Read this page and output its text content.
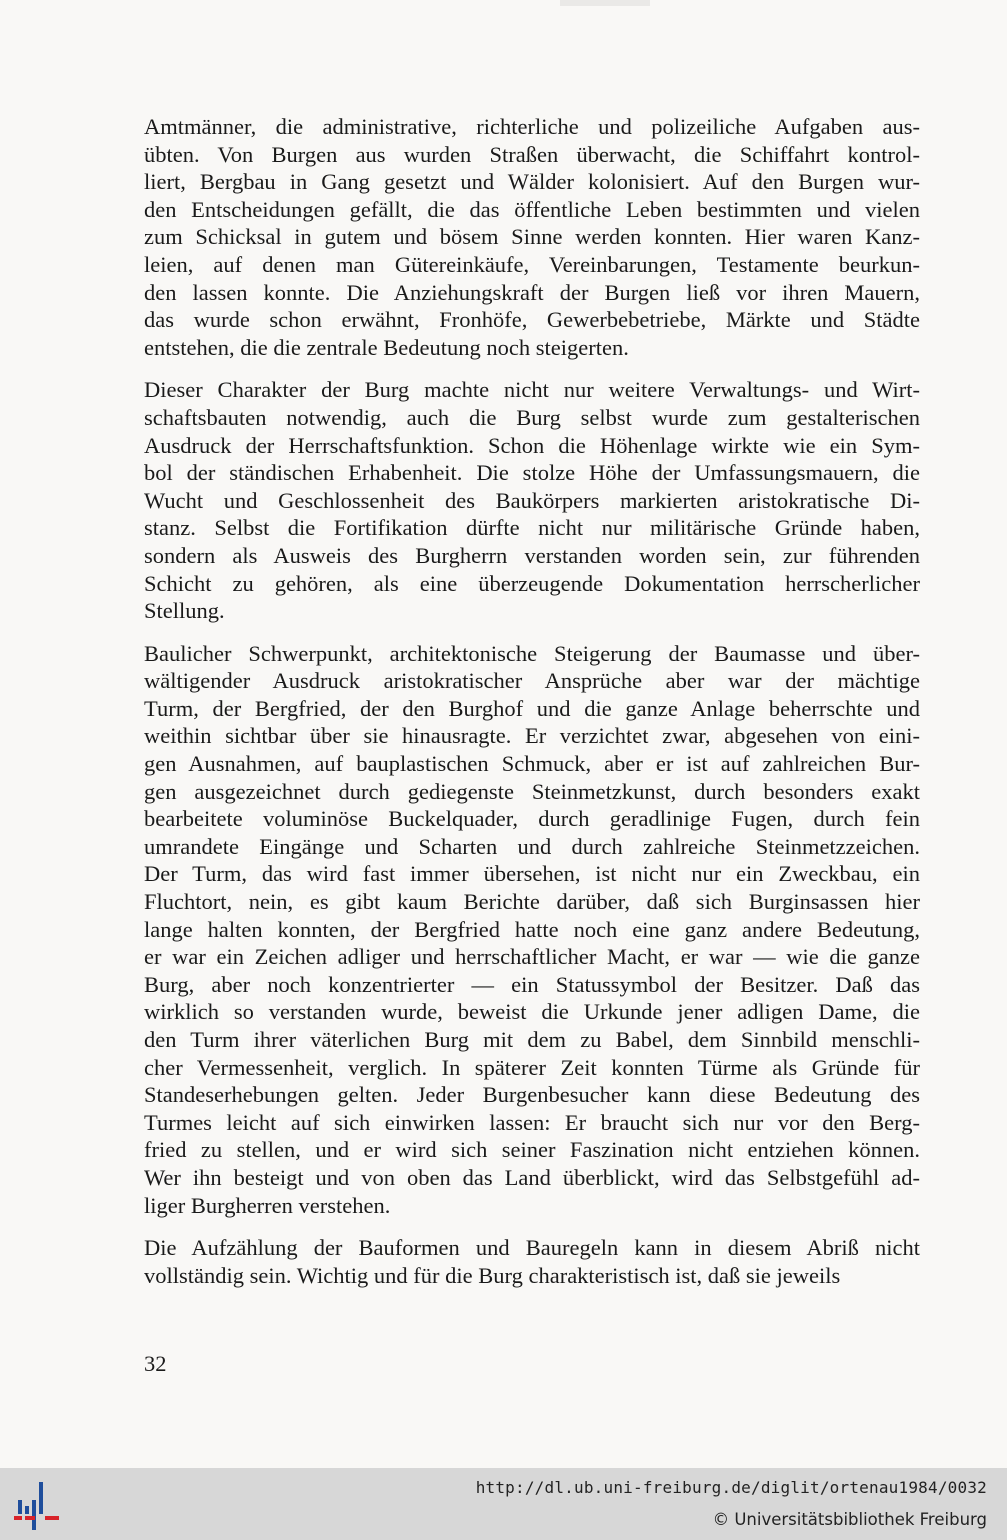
Amtmänner, die administrative, richterliche und polizeiliche Aufgaben aus-
übten. Von Burgen aus wurden Straßen überwacht, die Schiffahrt kontrol-
liert, Bergbau in Gang gesetzt und Wälder kolonisiert. Auf den Burgen wur-
den Entscheidungen gefällt, die das öffentliche Leben bestimmten und vielen
zum Schicksal in gutem und bösem Sinne werden konnten. Hier waren Kanz-
leien, auf denen man Gütereinkäufe, Vereinbarungen, Testamente beurkun-
den lassen konnte. Die Anziehungskraft der Burgen ließ vor ihren Mauern,
das wurde schon erwähnt, Fronhöfe, Gewerbebetriebe, Märkte und Städte
entstehen, die die zentrale Bedeutung noch steigerten.
Dieser Charakter der Burg machte nicht nur weitere Verwaltungs- und Wirt-
schaftsbauten notwendig, auch die Burg selbst wurde zum gestalterischen
Ausdruck der Herrschaftsfunktion. Schon die Höhenlage wirkte wie ein Sym-
bol der ständischen Erhabenheit. Die stolze Höhe der Umfassungsmauern, die
Wucht und Geschlossenheit des Baukörpers markierten aristokratische Di-
stanz. Selbst die Fortifikation dürfte nicht nur militärische Gründe haben,
sondern als Ausweis des Burgherrn verstanden worden sein, zur führenden
Schicht zu gehören, als eine überzeugende Dokumentation herrscherlicher
Stellung.
Baulicher Schwerpunkt, architektonische Steigerung der Baumasse und über-
wältigender Ausdruck aristokratischer Ansprüche aber war der mächtige
Turm, der Bergfried, der den Burghof und die ganze Anlage beherrschte und
weithin sichtbar über sie hinausragte. Er verzichtet zwar, abgesehen von eini-
gen Ausnahmen, auf bauplastischen Schmuck, aber er ist auf zahlreichen Bur-
gen ausgezeichnet durch gediegenste Steinmetzkunst, durch besonders exakt
bearbeitete voluminöse Buckelquader, durch geradlinige Fugen, durch fein
umrandete Eingänge und Scharten und durch zahlreiche Steinmetzzeichen.
Der Turm, das wird fast immer übersehen, ist nicht nur ein Zweckbau, ein
Fluchtort, nein, es gibt kaum Berichte darüber, daß sich Burginsassen hier
lange halten konnten, der Bergfried hatte noch eine ganz andere Bedeutung,
er war ein Zeichen adliger und herrschaftlicher Macht, er war — wie die ganze
Burg, aber noch konzentrierter — ein Statussymbol der Besitzer. Daß das
wirklich so verstanden wurde, beweist die Urkunde jener adligen Dame, die
den Turm ihrer väterlichen Burg mit dem zu Babel, dem Sinnbild menschli-
cher Vermessenheit, verglich. In späterer Zeit konnten Türme als Gründe für
Standeserhebungen gelten. Jeder Burgenbesucher kann diese Bedeutung des
Turmes leicht auf sich einwirken lassen: Er braucht sich nur vor den Berg-
fried zu stellen, und er wird sich seiner Faszination nicht entziehen können.
Wer ihn besteigt und von oben das Land überblickt, wird das Selbstgefühl ad-
liger Burgherren verstehen.
Die Aufzählung der Bauformen und Bauregeln kann in diesem Abriß nicht
vollständig sein. Wichtig und für die Burg charakteristisch ist, daß sie jeweils
32
http://dl.ub.uni-freiburg.de/diglit/ortenau1984/0032
© Universitätsbibliothek Freiburg
